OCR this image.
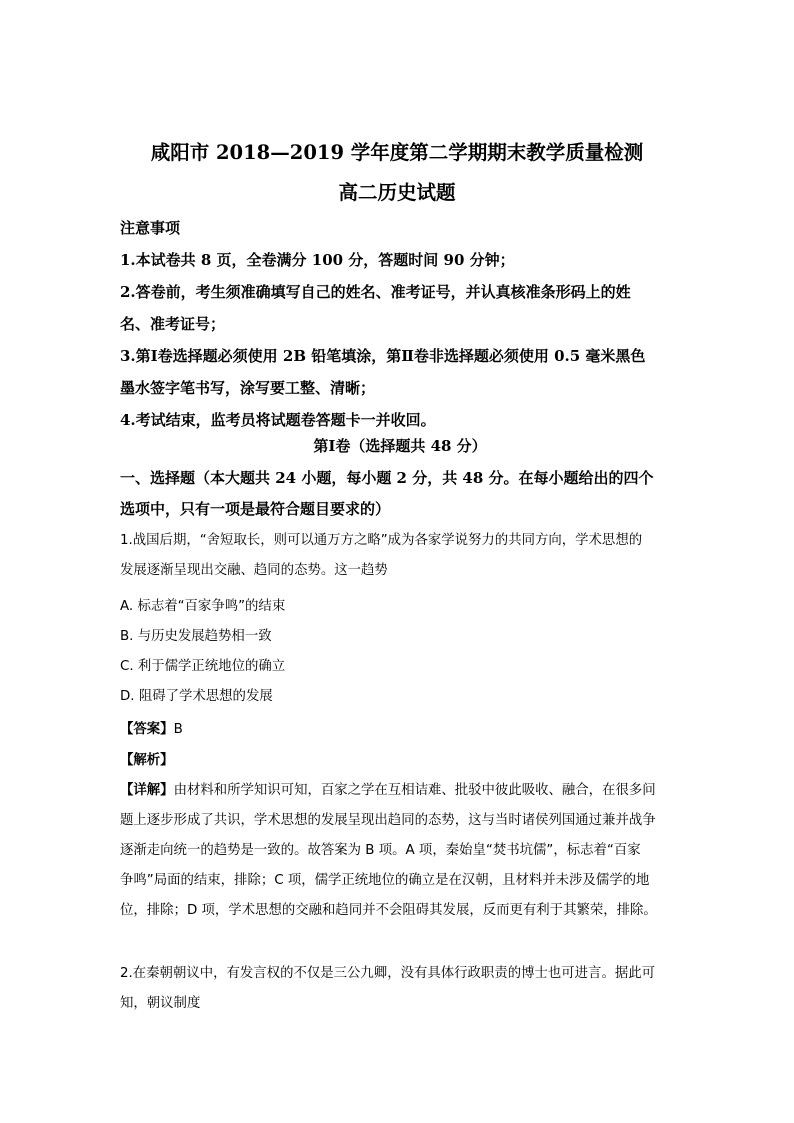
咸阳市 2018—2019 学年度第二学期期末教学质量检测
高二历史试题
注意事项
1.本试卷共 8 页，全卷满分 100 分，答题时间 90 分钟；
2.答卷前，考生须准确填写自己的姓名、准考证号，并认真核准条形码上的姓
名、准考证号；
3.第Ⅰ卷选择题必须使用 2B 铅笔填涂，第Ⅱ卷非选择题必须使用 0.5 毫米黑色
墨水签字笔书写，涂写要工整、清晰；
4.考试结束，监考员将试题卷答题卡一并收回。
第Ⅰ卷（选择题共 48 分）
一、选择题（本大题共 24 小题，每小题 2 分，共 48 分。在每小题给出的四个
选项中，只有一项是最符合题目要求的）
1.战国后期，“舍短取长，则可以通万方之略”成为各家学说努力的共同方向，学术思想的
发展逐渐呈现出交融、趋同的态势。这一趋势
A. 标志着“百家争鸣”的结束
B. 与历史发展趋势相一致
C. 利于儒学正统地位的确立
D. 阻碍了学术思想的发展
【答案】B
【解析】
【详解】由材料和所学知识可知，百家之学在互相诘难、批驳中彼此吸收、融合，在很多问
题上逐步形成了共识，学术思想的发展呈现出趋同的态势，这与当时诸侯列国通过兼并战争
逐渐走向统一的趋势是一致的。故答案为 B 项。A 项，秦始皇“焚书坑儒”，标志着“百家
争鸣”局面的结束，排除；C 项，儒学正统地位的确立是在汉朝，且材料并未涉及儒学的地
位，排除；D 项，学术思想的交融和趋同并不会阻碍其发展，反而更有利于其繁荣，排除。
2.在秦朝朝议中，有发言权的不仅是三公九卿，没有具体行政职责的博士也可进言。据此可
知，朝议制度
